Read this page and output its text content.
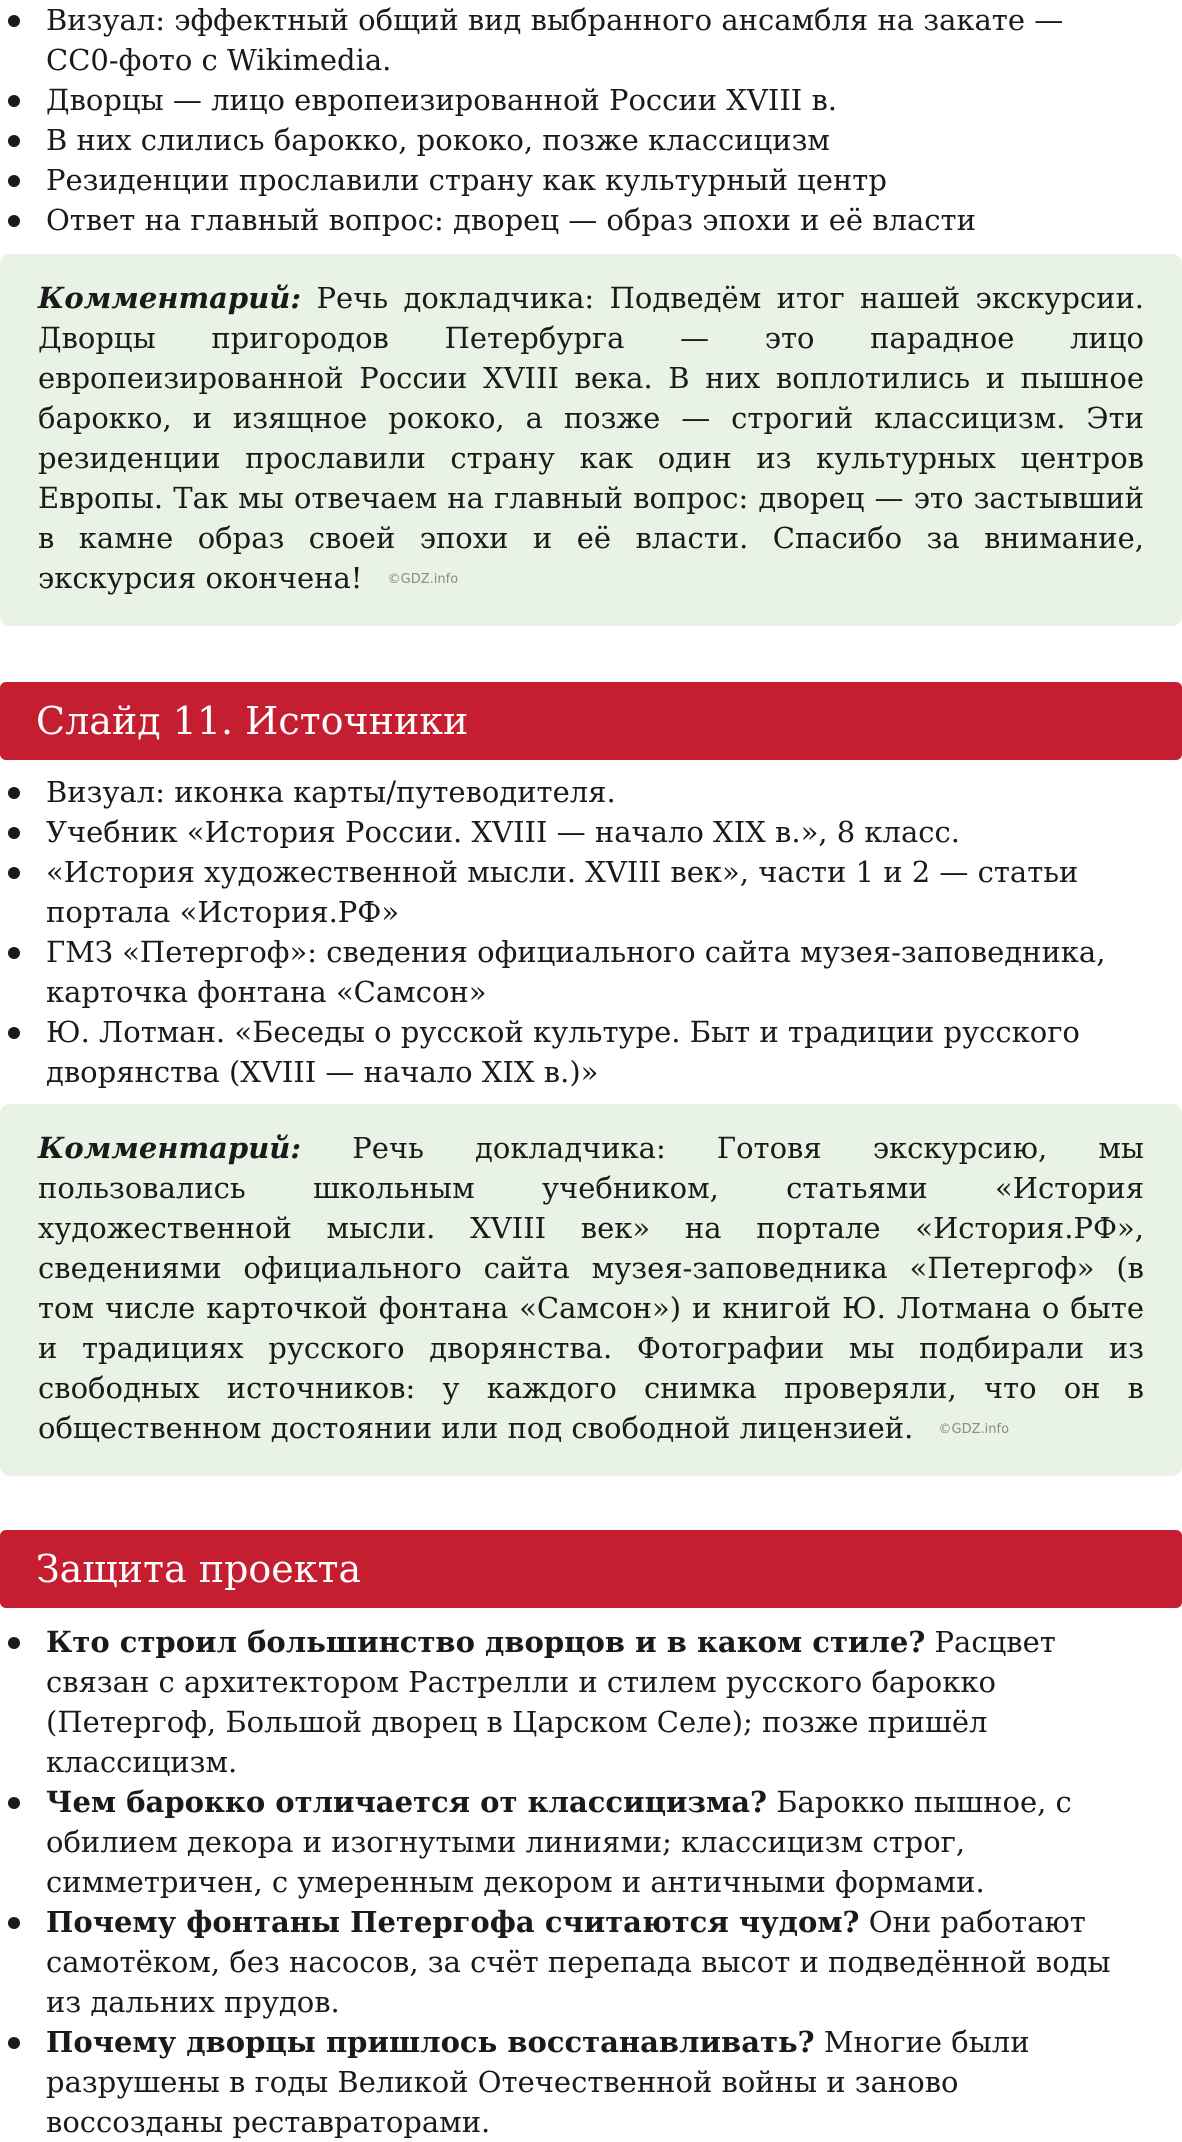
Визуал: эффектный общий вид выбранного ансамбля на закате — CC0-фото с Wikimedia.
Дворцы — лицо европеизированной России XVIII в.
В них слились барокко, рококо, позже классицизм
Резиденции прославили страну как культурный центр
Ответ на главный вопрос: дворец — образ эпохи и её власти
Комментарий: Речь докладчика: Подведём итог нашей экскурсии. Дворцы пригородов Петербурга — это парадное лицо европеизированной России XVIII века. В них воплотились и пышное барокко, и изящное рококо, а позже — строгий классицизм. Эти резиденции прославили страну как один из культурных центров Европы. Так мы отвечаем на главный вопрос: дворец — это застывший в камне образ своей эпохи и её власти. Спасибо за внимание, экскурсия окончена! ©GDZ.info
Слайд 11. Источники
Визуал: иконка карты/путеводителя.
Учебник «История России. XVIII — начало XIX в.», 8 класс.
«История художественной мысли. XVIII век», части 1 и 2 — статьи портала «История.РФ»
ГМЗ «Петергоф»: сведения официального сайта музея-заповедника, карточка фонтана «Самсон»
Ю. Лотман. «Беседы о русской культуре. Быт и традиции русского дворянства (XVIII — начало XIX в.)»
Комментарий: Речь докладчика: Готовя экскурсию, мы пользовались школьным учебником, статьями «История художественной мысли. XVIII век» на портале «История.РФ», сведениями официального сайта музея-заповедника «Петергоф» (в том числе карточкой фонтана «Самсон») и книгой Ю. Лотмана о быте и традициях русского дворянства. Фотографии мы подбирали из свободных источников: у каждого снимка проверяли, что он в общественном достоянии или под свободной лицензией. ©GDZ.info
Защита проекта
Кто строил большинство дворцов и в каком стиле? Расцвет связан с архитектором Растрелли и стилем русского барокко (Петергоф, Большой дворец в Царском Селе); позже пришёл классицизм.
Чем барокко отличается от классицизма? Барокко пышное, с обилием декора и изогнутыми линиями; классицизм строг, симметричен, с умеренным декором и античными формами.
Почему фонтаны Петергофа считаются чудом? Они работают самотёком, без насосов, за счёт перепада высот и подведённой воды из дальних прудов.
Почему дворцы пришлось восстанавливать? Многие были разрушены в годы Великой Отечественной войны и заново воссозданы реставраторами.
